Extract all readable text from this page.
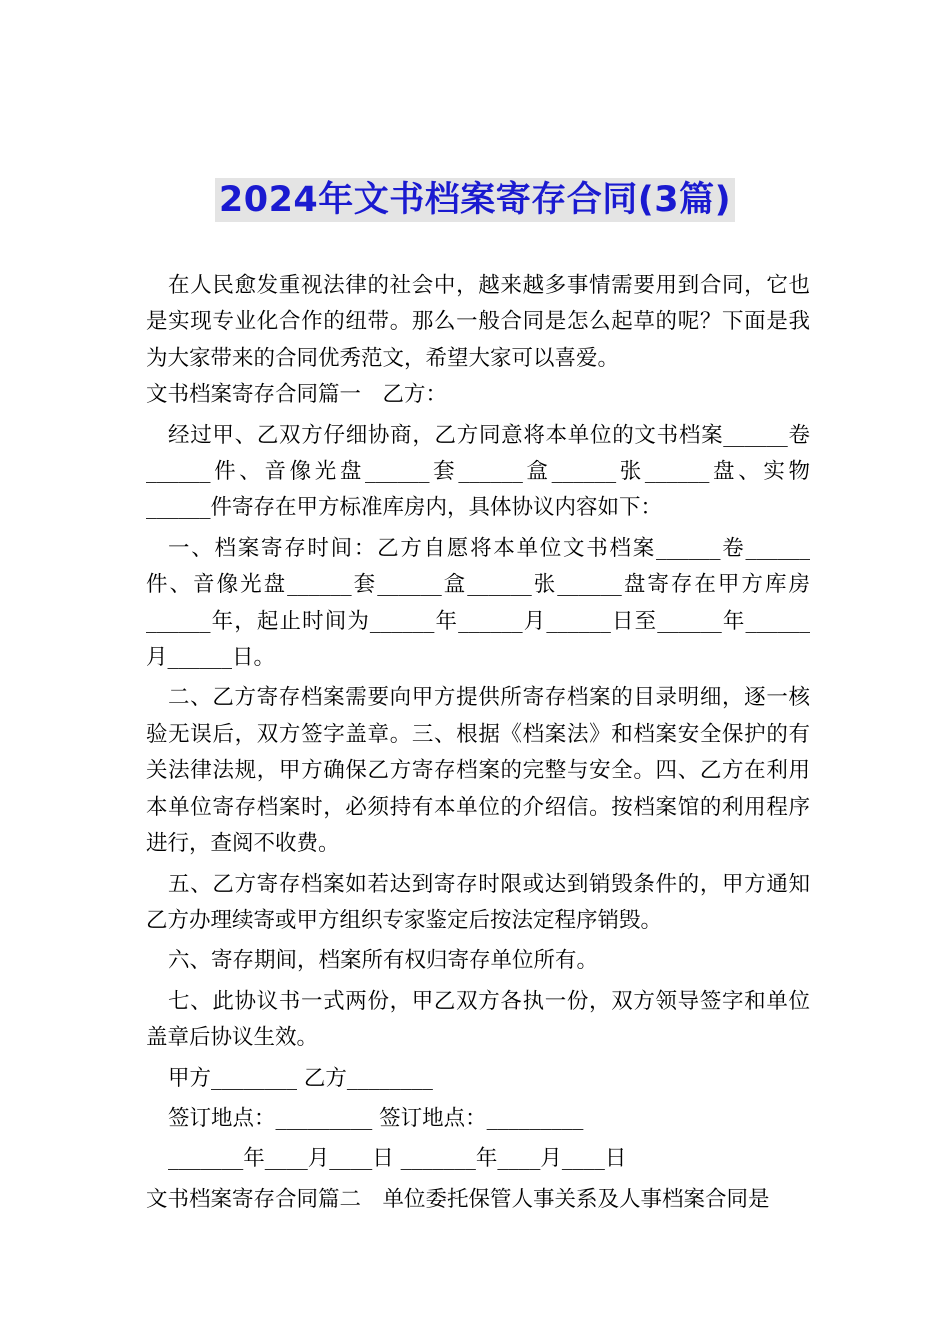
2024年文书档案寄存合同(3篇)

在人民愈发重视法律的社会中，越来越多事情需要用到合同，它也是实现专业化合作的纽带。那么一般合同是怎么起草的呢？下面是我为大家带来的合同优秀范文，希望大家可以喜爱。

文书档案寄存合同篇一　乙方：

经过甲、乙双方仔细协商，乙方同意将本单位的文书档案______卷______件、音像光盘______套______盒______张______盘、实物______件寄存在甲方标准库房内，具体协议内容如下：

一、档案寄存时间：乙方自愿将本单位文书档案______卷______件、音像光盘______套______盒______张______盘寄存在甲方库房______年，起止时间为______年______月______日至______年______月______日。

二、乙方寄存档案需要向甲方提供所寄存档案的目录明细，逐一核验无误后，双方签字盖章。三、根据《档案法》和档案安全保护的有关法律法规，甲方确保乙方寄存档案的完整与安全。四、乙方在利用本单位寄存档案时，必须持有本单位的介绍信。按档案馆的利用程序进行，查阅不收费。

五、乙方寄存档案如若达到寄存时限或达到销毁条件的，甲方通知乙方办理续寄或甲方组织专家鉴定后按法定程序销毁。

六、寄存期间，档案所有权归寄存单位所有。

七、此协议书一式两份，甲乙双方各执一份，双方领导签字和单位盖章后协议生效。

甲方________ 乙方________

签订地点：_________ 签订地点：_________

_______年____月____日 _______年____月____日

文书档案寄存合同篇二　单位委托保管人事关系及人事档案合同是
